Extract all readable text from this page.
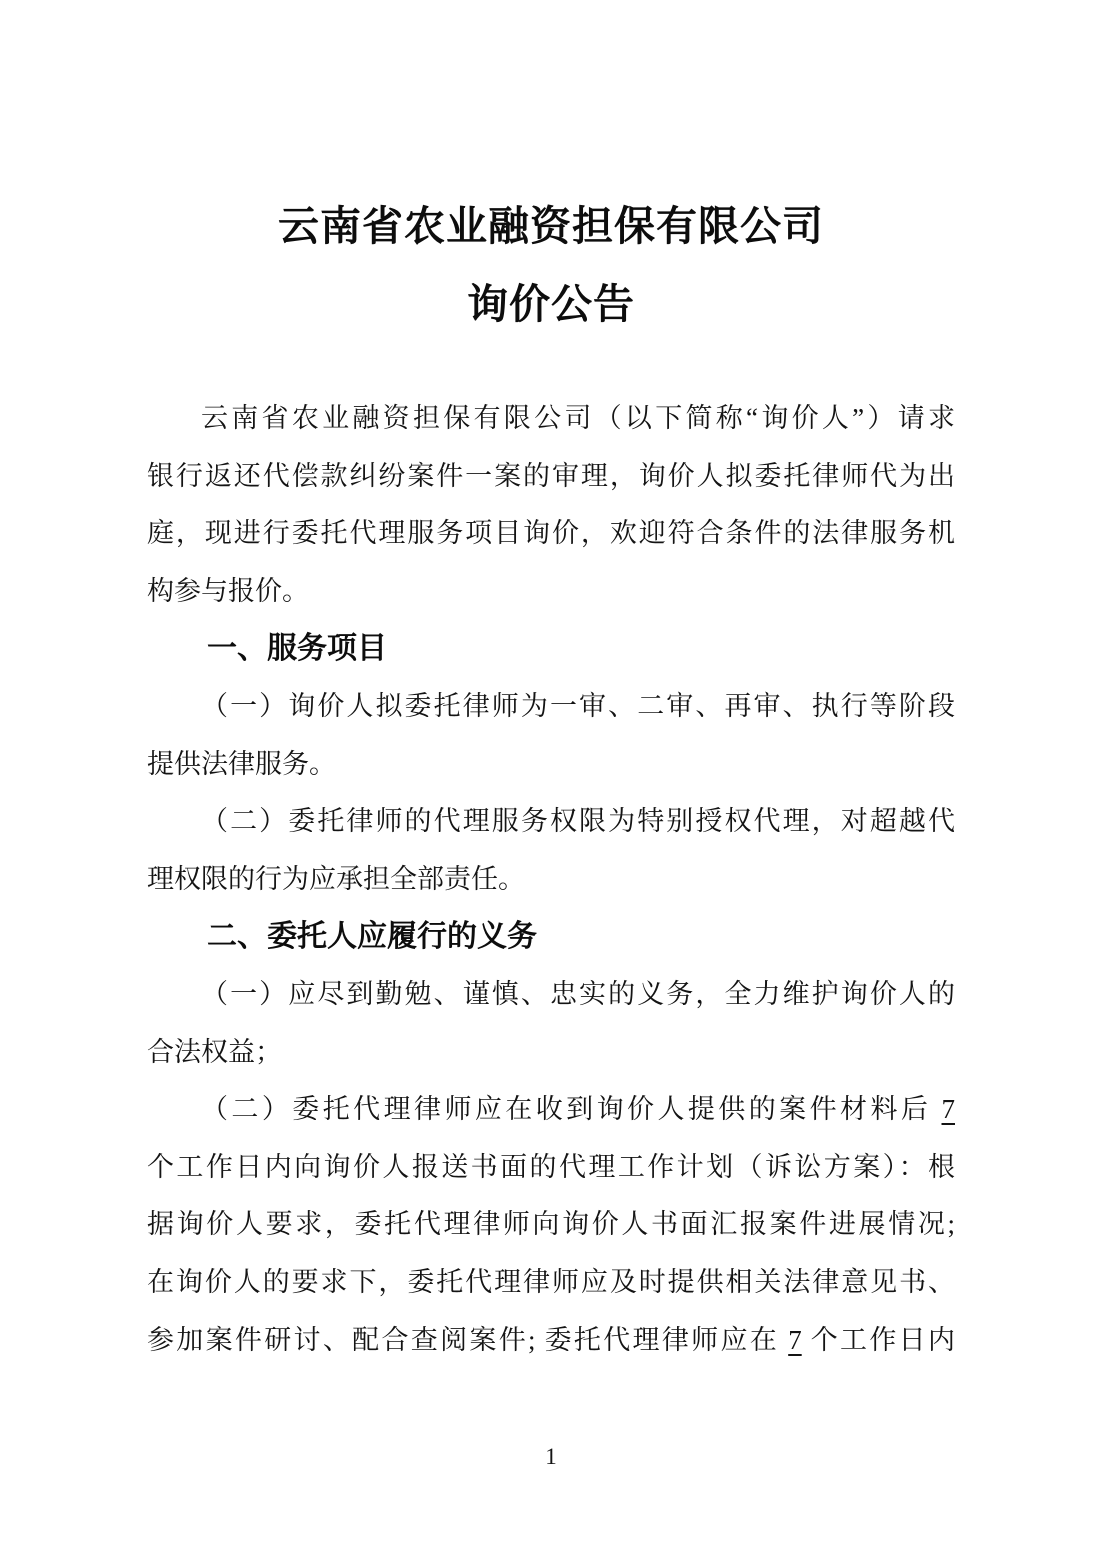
云南省农业融资担保有限公司
询价公告
云南省农业融资担保有限公司（以下简称“询价人”）请求
银行返还代偿款纠纷案件一案的审理，询价人拟委托律师代为出
庭，现进行委托代理服务项目询价，欢迎符合条件的法律服务机
构参与报价。
一、服务项目
（一）询价人拟委托律师为一审、二审、再审、执行等阶段
提供法律服务。
（二）委托律师的代理服务权限为特别授权代理，对超越代
理权限的行为应承担全部责任。
二、委托人应履行的义务
（一）应尽到勤勉、谨慎、忠实的义务，全力维护询价人的
合法权益；
（二）委托代理律师应在收到询价人提供的案件材料后 7
个工作日内向询价人报送书面的代理工作计划（诉讼方案）：根
据询价人要求，委托代理律师向询价人书面汇报案件进展情况;
在询价人的要求下，委托代理律师应及时提供相关法律意见书、
参加案件研讨、配合查阅案件; 委托代理律师应在 7 个工作日内
1
